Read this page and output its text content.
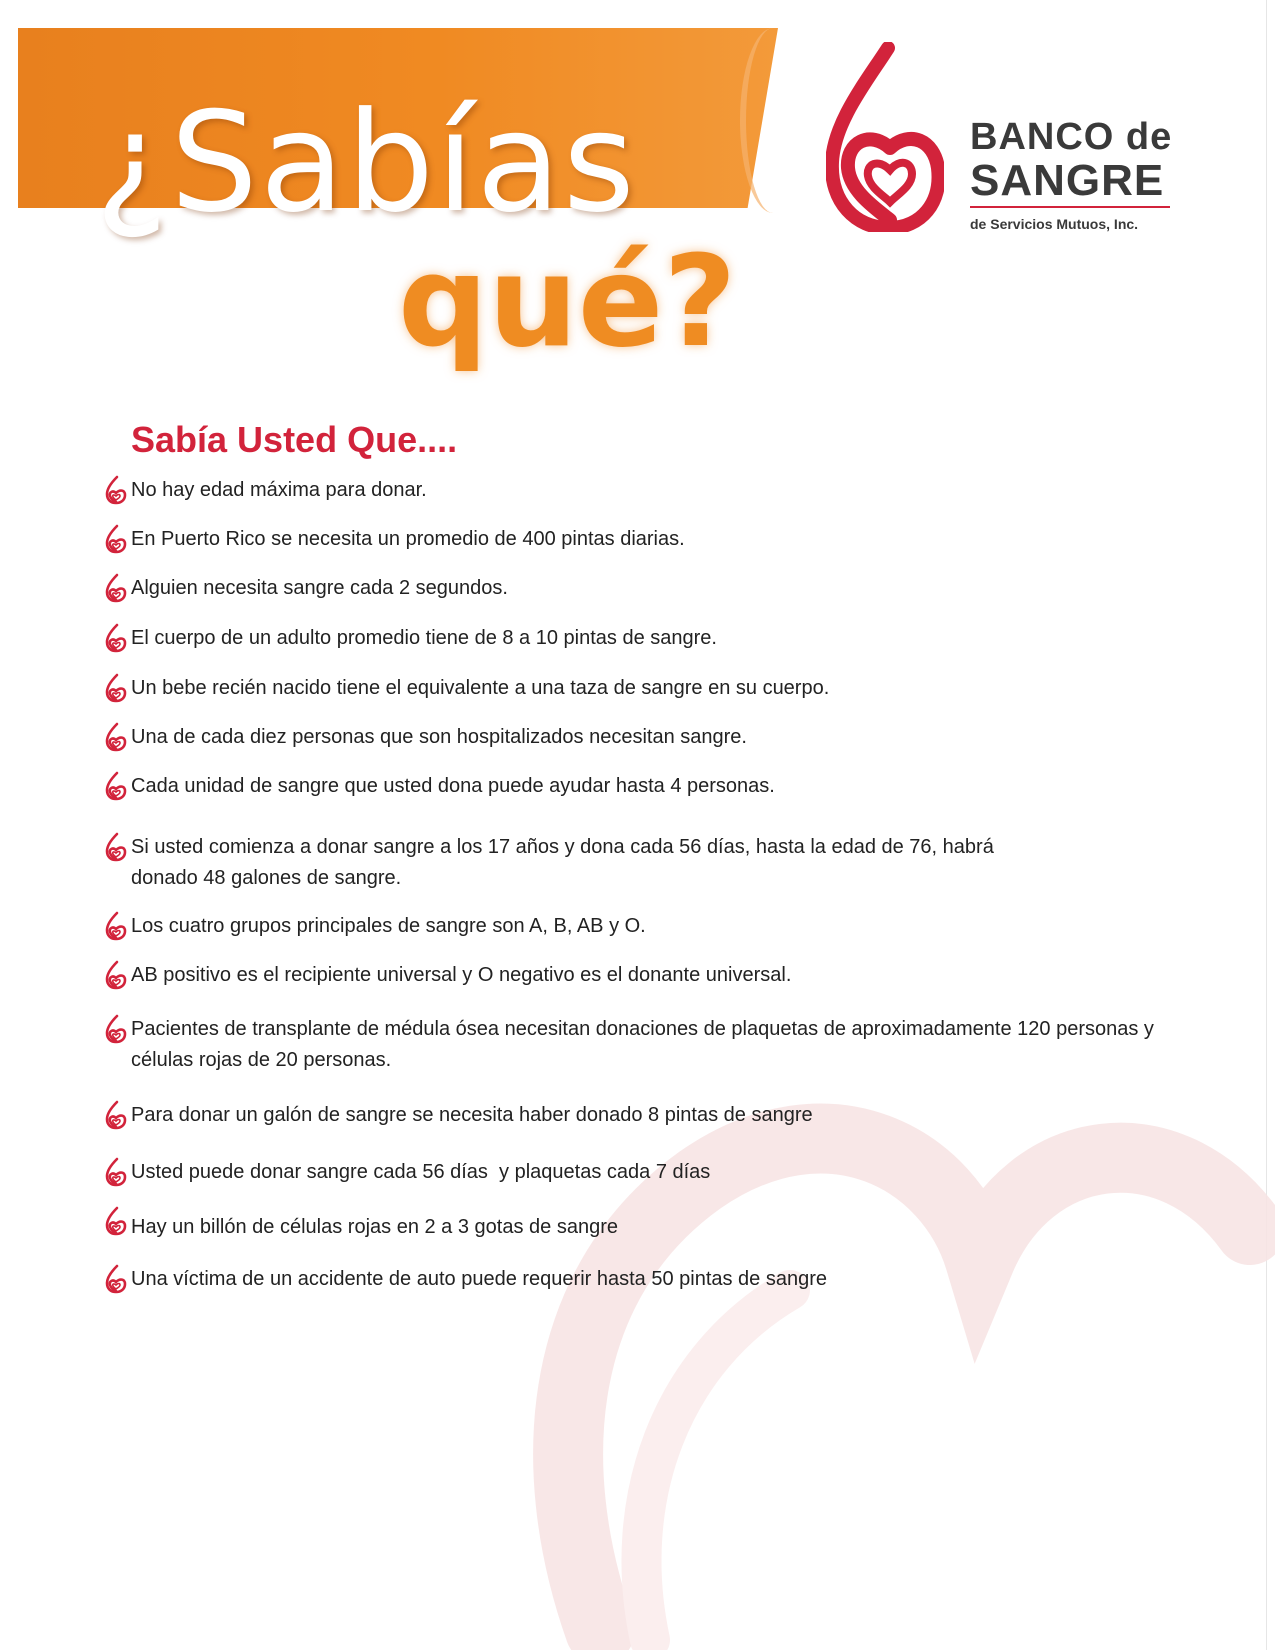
¿Sabías
qué?
BANCO de
SANGRE
de Servicios Mutuos, Inc.
Sabía Usted Que....
No hay edad máxima para donar.
En Puerto Rico se necesita un promedio de 400 pintas diarias.
Alguien necesita sangre cada 2 segundos.
El cuerpo de un adulto promedio tiene de 8 a 10 pintas de sangre.
Un bebe recién nacido tiene el equivalente a una taza de sangre en su cuerpo.
Una de cada diez personas que son hospitalizados necesitan sangre.
Cada unidad de sangre que usted dona puede ayudar hasta 4 personas.
Si usted comienza a donar sangre a los 17 años y dona cada 56 días, hasta la edad de 76, habrá donado 48 galones de sangre.
Los cuatro grupos principales de sangre son A, B, AB y O.
AB positivo es el recipiente universal y O negativo es el donante universal.
Pacientes de transplante de médula ósea necesitan donaciones de plaquetas de aproximadamente 120 personas y células rojas de 20 personas.
Para donar un galón de sangre se necesita haber donado 8 pintas de sangre
Usted puede donar sangre cada 56 días  y plaquetas cada 7 días
Hay un billón de células rojas en 2 a 3 gotas de sangre
Una víctima de un accidente de auto puede requerir hasta 50 pintas de sangre
